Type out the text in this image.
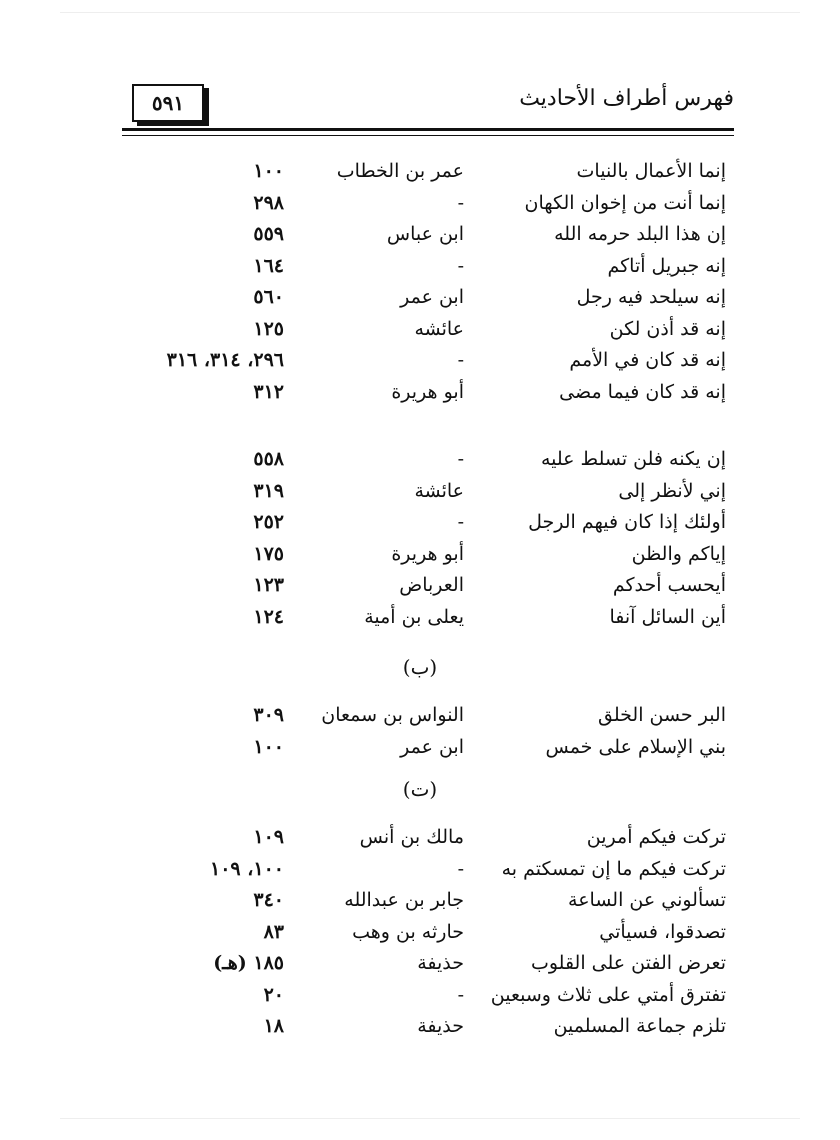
فهرس أطراف الأحاديث
٥٩١
إنما الأعمال بالنيات
عمر بن الخطاب
١٠٠
إنما أنت من إخوان الكهان
-
٢٩٨
إن هذا البلد حرمه الله
ابن عباس
٥٥٩
إنه جبريل أتاكم
-
١٦٤
إنه سيلحد فيه رجل
ابن عمر
٥٦٠
إنه قد أذن لكن
عائشه
١٢٥
إنه قد كان في الأمم
-
٢٩٦، ٣١٤، ٣١٦
إنه قد كان فيما مضى
أبو هريرة
٣١٢
إن يكنه فلن تسلط عليه
-
٥٥٨
إني لأنظر إلى
عائشة
٣١٩
أولئك إذا كان فيهم الرجل
-
٢٥٢
إياكم والظن
أبو هريرة
١٧٥
أيحسب أحدكم
العرباض
١٢٣
أين السائل آنفا
يعلى بن أمية
١٢٤
(ب)
البر حسن الخلق
النواس بن سمعان
٣٠٩
بني الإسلام على خمس
ابن عمر
١٠٠
(ت)
تركت فيكم أمرين
مالك بن أنس
١٠٩
تركت فيكم ما إن تمسكتم به
-
١٠٠، ١٠٩
تسألوني عن الساعة
جابر بن عبدالله
٣٤٠
تصدقوا، فسيأتي
حارثه بن وهب
٨٣
تعرض الفتن على القلوب
حذيفة
١٨٥ (هـ)
تفترق أمتي على ثلاث وسبعين
-
٢٠
تلزم جماعة المسلمين
حذيفة
١٨
